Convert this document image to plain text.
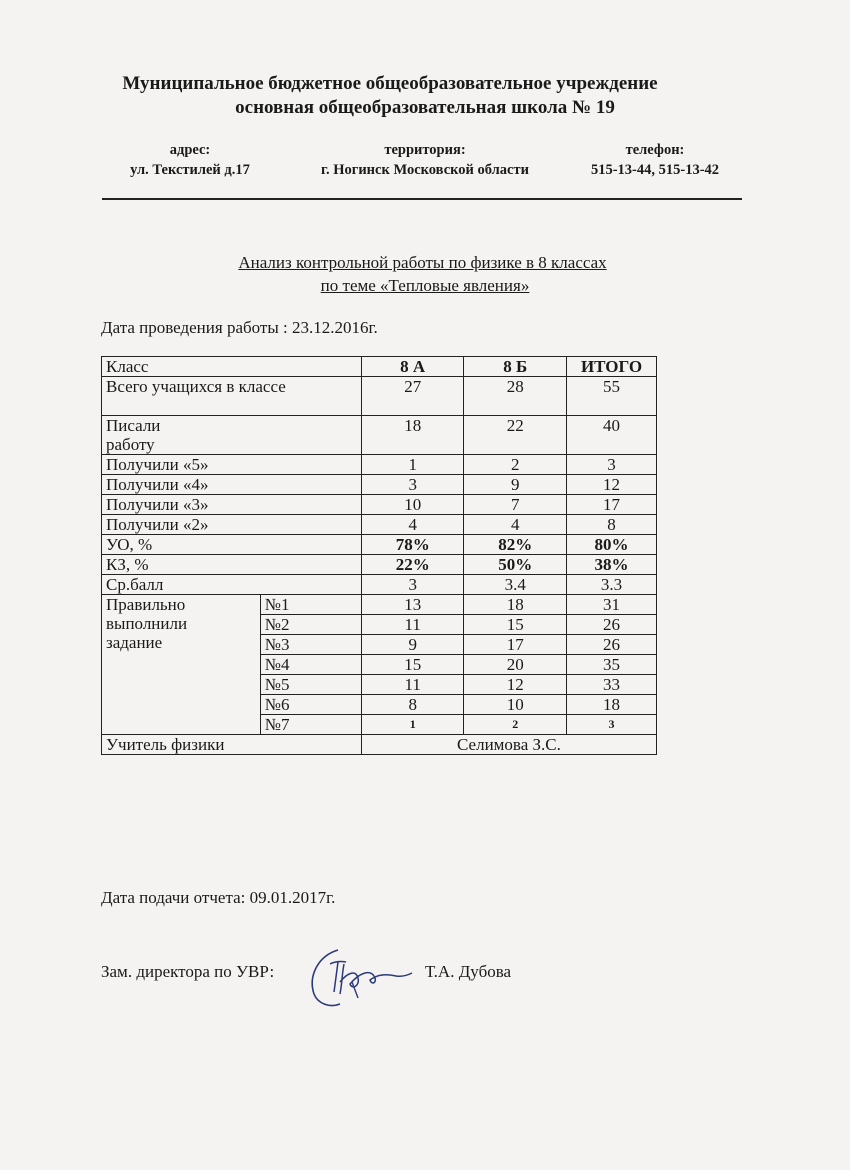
Муниципальное бюджетное общеобразовательное учреждение
основная общеобразовательная школа № 19
адрес:
ул. Текстилей д.17
территория:
г. Ногинск Московской области
телефон:
515-13-44, 515-13-42
Анализ контрольной работы по физике в 8 классах
по теме «Тепловые явления»
Дата проведения работы : 23.12.2016г.
Класс		8 А	8 Б	ИТОГО
Всего учащихся в классе		27	28	55

Писали работу		18	22	40
Получили «5»		1	2	3
Получили «4»		3	9	12
Получили «3»		10	7	17
Получили «2»		4	4	8
УО, %		78%	82%	80%
КЗ, %		22%	50%	38%
Ср.балл		3	3.4	3.3

Правильно выполнили задание	№1	13	18	31
	№2	11	15	26
	№3	9	17	26
	№4	15	20	35
	№5	11	12	33
	№6	8	10	18
	№7	1	2	3
Учитель физики		Селимова З.С.		
Дата подачи отчета: 09.01.2017г.
Зам. директора по УВР:	Т.А. Дубова
